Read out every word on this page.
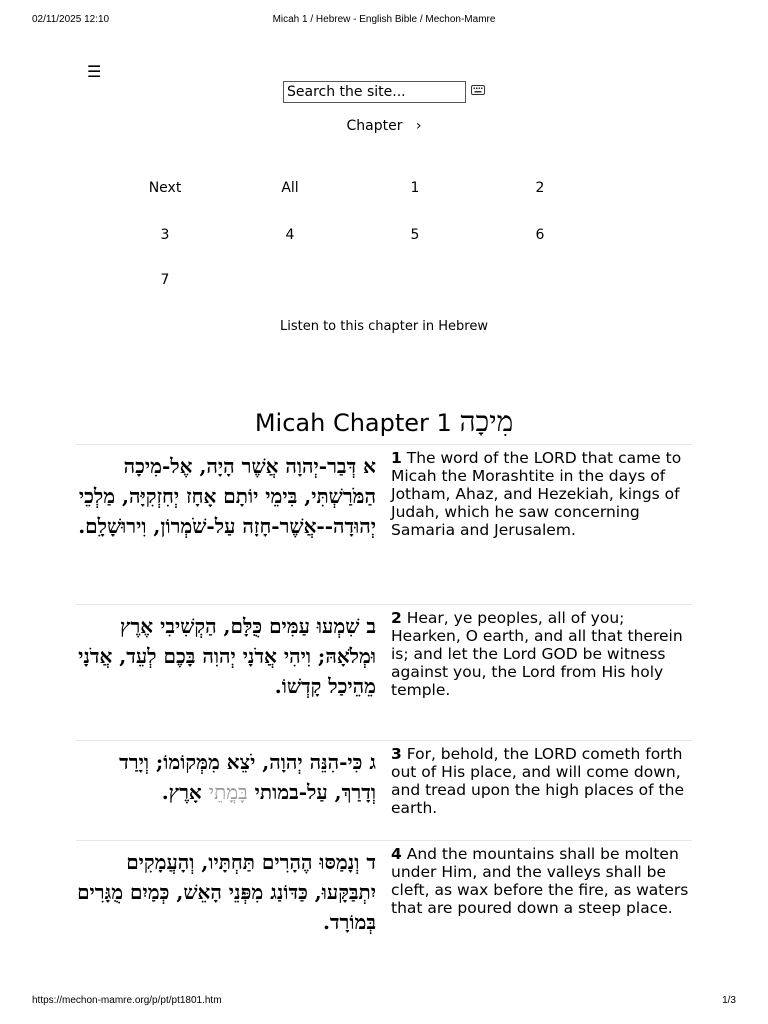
02/11/2025 12:10	Micah 1 / Hebrew - English Bible / Mechon-Mamre
☰
Search the site...
Chapter ›
Next	All	1	2
3	4	5	6
7
Listen to this chapter in Hebrew
Micah Chapter 1 מִיכָה
א דְּבַר-יְהוָה אֲשֶׁר הָיָה, אֶל-מִיכָה הַמֹּרַשְׁתִּי, בִּימֵי יוֹתָם אָחָז יְחִזְקִיָּה, מַלְכֵי יְהוּדָה--אֲשֶׁר-חָזָה עַל-שֹׁמְרוֹן, וִירוּשָׁלִָם.
1 The word of the LORD that came to Micah the Morashtite in the days of Jotham, Ahaz, and Hezekiah, kings of Judah, which he saw concerning Samaria and Jerusalem.
ב שִׁמְעוּ עַמִּים כֻּלָּם, הַקְשִׁיבִי אֶרֶץ וּמְלֹאָהּ; וִיהִי אֲדֹנָי יְהוִה בָּכֶם לְעֵד, אֲדֹנָי מֵהֵיכַל קָדְשׁוֹ.
2 Hear, ye peoples, all of you; Hearken, O earth, and all that therein is; and let the Lord GOD be witness against you, the Lord from His holy temple.
ג כִּי-הִנֵּה יְהוָה, יֹצֵא מִמְּקוֹמוֹ; וְיָרַד וְדָרַךְ, עַל-במותי בָּמֳתֵי אָרֶץ.
3 For, behold, the LORD cometh forth out of His place, and will come down, and tread upon the high places of the earth.
ד וְנָמַסּוּ הֶהָרִים תַּחְתָּיו, וְהָעֲמָקִים יִתְבַּקָּעוּ, כַּדּוֹנַג מִפְּנֵי הָאֵשׁ, כְּמַיִם מֻגָּרִים בְּמוֹרָד.
4 And the mountains shall be molten under Him, and the valleys shall be cleft, as wax before the fire, as waters that are poured down a steep place.
https://mechon-mamre.org/p/pt/pt1801.htm	1/3
